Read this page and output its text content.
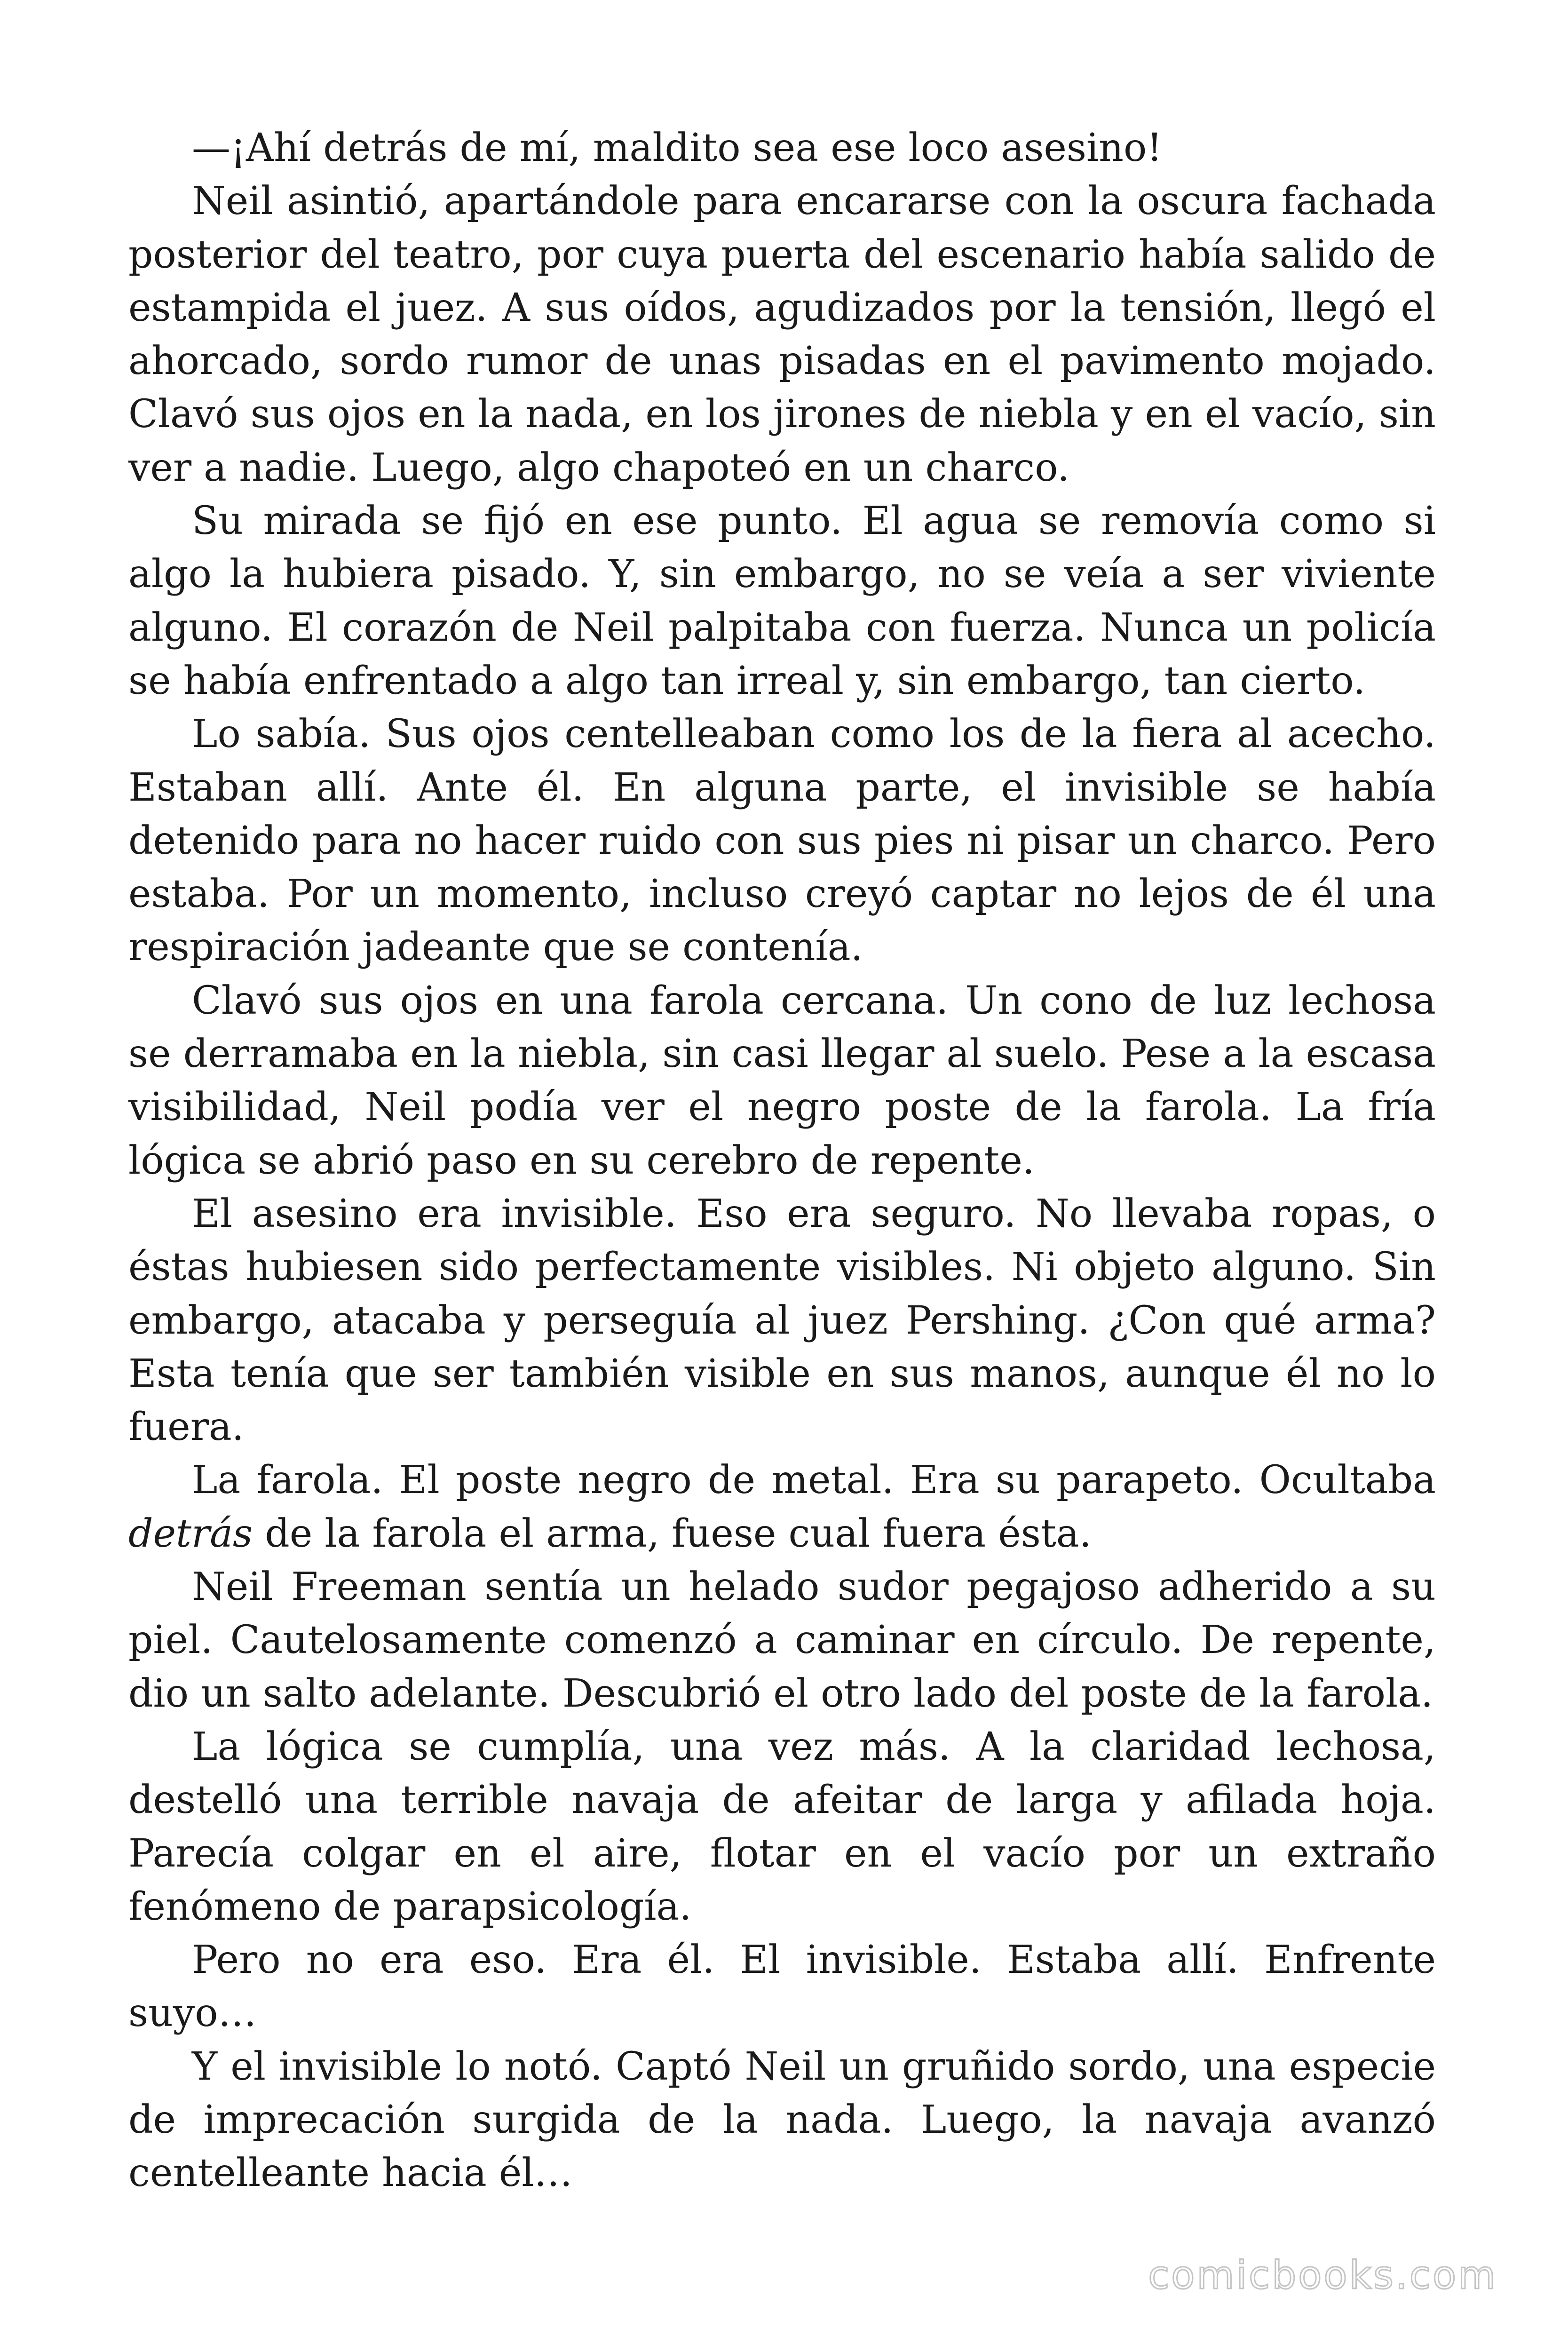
—¡Ahí detrás de mí, maldito sea ese loco asesino!

Neil asintió, apartándole para encararse con la oscura fachada posterior del teatro, por cuya puerta del escenario había salido de estampida el juez. A sus oídos, agudizados por la tensión, llegó el ahorcado, sordo rumor de unas pisadas en el pavimento mojado. Clavó sus ojos en la nada, en los jirones de niebla y en el vacío, sin ver a nadie. Luego, algo chapoteó en un charco.

Su mirada se fijó en ese punto. El agua se removía como si algo la hubiera pisado. Y, sin embargo, no se veía a ser viviente alguno. El corazón de Neil palpitaba con fuerza. Nunca un policía se había enfrentado a algo tan irreal y, sin embargo, tan cierto.

Lo sabía. Sus ojos centelleaban como los de la fiera al acecho. Estaban allí. Ante él. En alguna parte, el invisible se había detenido para no hacer ruido con sus pies ni pisar un charco. Pero estaba. Por un momento, incluso creyó captar no lejos de él una respiración jadeante que se contenía.

Clavó sus ojos en una farola cercana. Un cono de luz lechosa se derramaba en la niebla, sin casi llegar al suelo. Pese a la escasa visibilidad, Neil podía ver el negro poste de la farola. La fría lógica se abrió paso en su cerebro de repente.

El asesino era invisible. Eso era seguro. No llevaba ropas, o éstas hubiesen sido perfectamente visibles. Ni objeto alguno. Sin embargo, atacaba y perseguía al juez Pershing. ¿Con qué arma? Esta tenía que ser también visible en sus manos, aunque él no lo fuera.

La farola. El poste negro de metal. Era su parapeto. Ocultaba detrás de la farola el arma, fuese cual fuera ésta.

Neil Freeman sentía un helado sudor pegajoso adherido a su piel. Cautelosamente comenzó a caminar en círculo. De repente, dio un salto adelante. Descubrió el otro lado del poste de la farola.

La lógica se cumplía, una vez más. A la claridad lechosa, destelló una terrible navaja de afeitar de larga y afilada hoja. Parecía colgar en el aire, flotar en el vacío por un extraño fenómeno de parapsicología.

Pero no era eso. Era él. El invisible. Estaba allí. Enfrente suyo…

Y el invisible lo notó. Captó Neil un gruñido sordo, una especie de imprecación surgida de la nada. Luego, la navaja avanzó centelleante hacia él…

comicbooks.com
